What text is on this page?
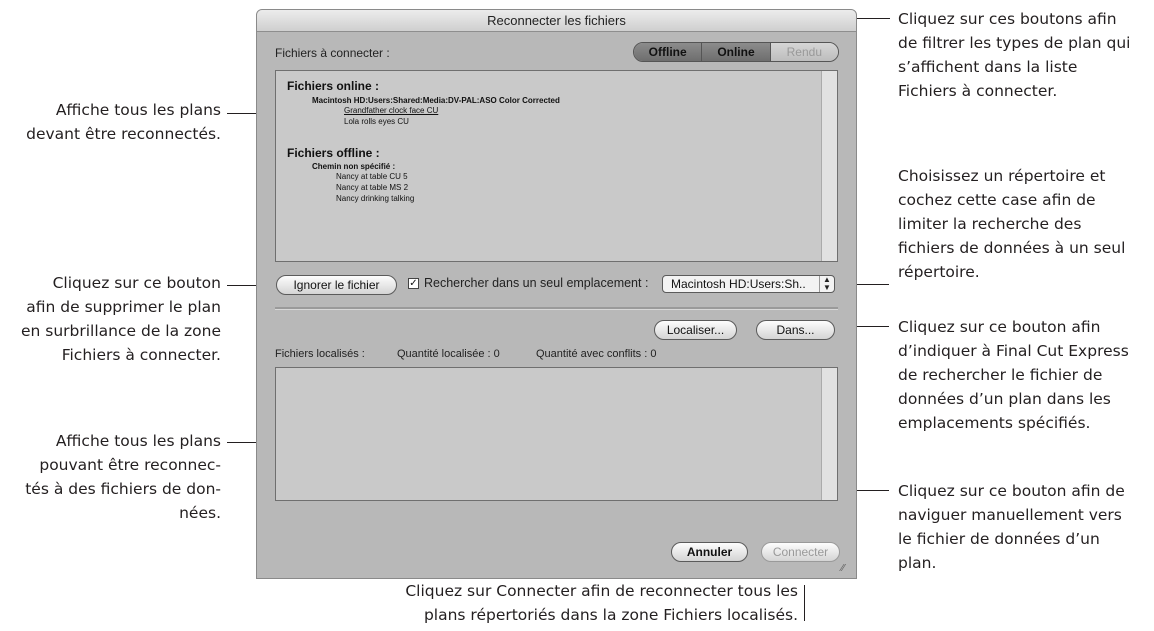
Affiche tous les plans
devant être reconnectés.
Cliquez sur ce bouton
afin de supprimer le plan
en surbrillance de la zone
Fichiers à connecter.
Affiche tous les plans
pouvant être reconnec-
tés à des fichiers de don-
nées.
Cliquez sur ces boutons afin
de filtrer les types de plan qui
s’affichent dans la liste
Fichiers à connecter.
Choisissez un répertoire et
cochez cette case afin de
limiter la recherche des
fichiers de données à un seul
répertoire.
Cliquez sur ce bouton afin
d’indiquer à Final Cut Express
de rechercher le fichier de
données d’un plan dans les
emplacements spécifiés.
Cliquez sur ce bouton afin de
naviguer manuellement vers
le fichier de données d’un
plan.
Cliquez sur Connecter afin de reconnecter tous les
plans répertoriés dans la zone Fichiers localisés.
Reconnecter les fichiers
Fichiers à connecter :	Offline	Online	Rendu
Fichiers online :
Macintosh HD:Users:Shared:Media:DV-PAL:ASO Color Corrected
Grandfather clock face CU
Lola rolls eyes CU
Fichiers offline :
Chemin non spécifié :
Nancy at table CU 5
Nancy at table MS 2
Nancy drinking talking
Ignorer le fichier	✓ Rechercher dans un seul emplacement :	Macintosh HD:Users:Sh..	▲
▼
Localiser...	Dans...
Fichiers localisés :	Quantité localisée : 0	Quantité avec conflits : 0
Annuler	Connecter
⁄⁄
